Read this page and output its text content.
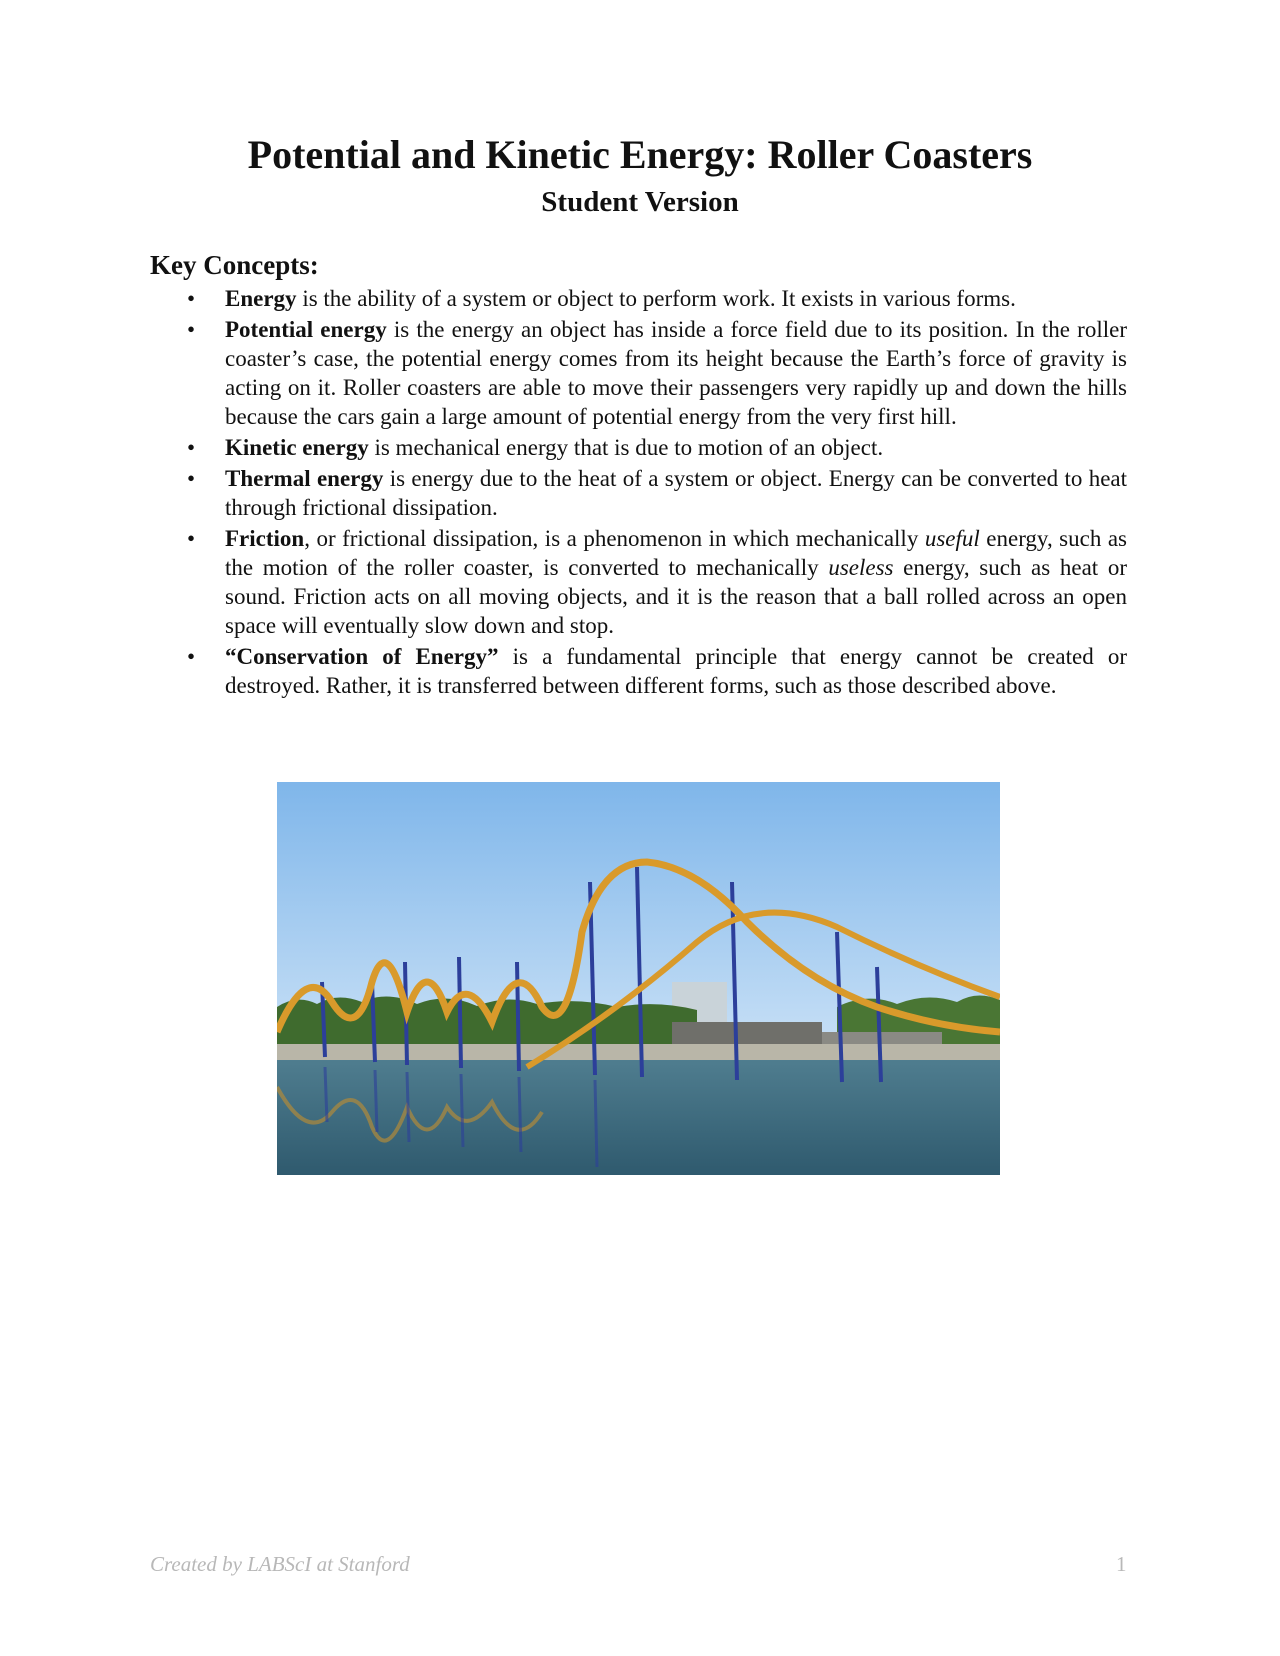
Potential and Kinetic Energy: Roller Coasters
Student Version
Key Concepts:
• Energy is the ability of a system or object to perform work. It exists in various forms.
• Potential energy is the energy an object has inside a force field due to its position. In the roller coaster’s case, the potential energy comes from its height because the Earth’s force of gravity is acting on it. Roller coasters are able to move their passengers very rapidly up and down the hills because the cars gain a large amount of potential energy from the very first hill.
• Kinetic energy is mechanical energy that is due to motion of an object.
• Thermal energy is energy due to the heat of a system or object. Energy can be converted to heat through frictional dissipation.
• Friction, or frictional dissipation, is a phenomenon in which mechanically useful energy, such as the motion of the roller coaster, is converted to mechanically useless energy, such as heat or sound. Friction acts on all moving objects, and it is the reason that a ball rolled across an open space will eventually slow down and stop.
• “Conservation of Energy” is a fundamental principle that energy cannot be created or destroyed. Rather, it is transferred between different forms, such as those described above.
Created by LABScI at Stanford	1
